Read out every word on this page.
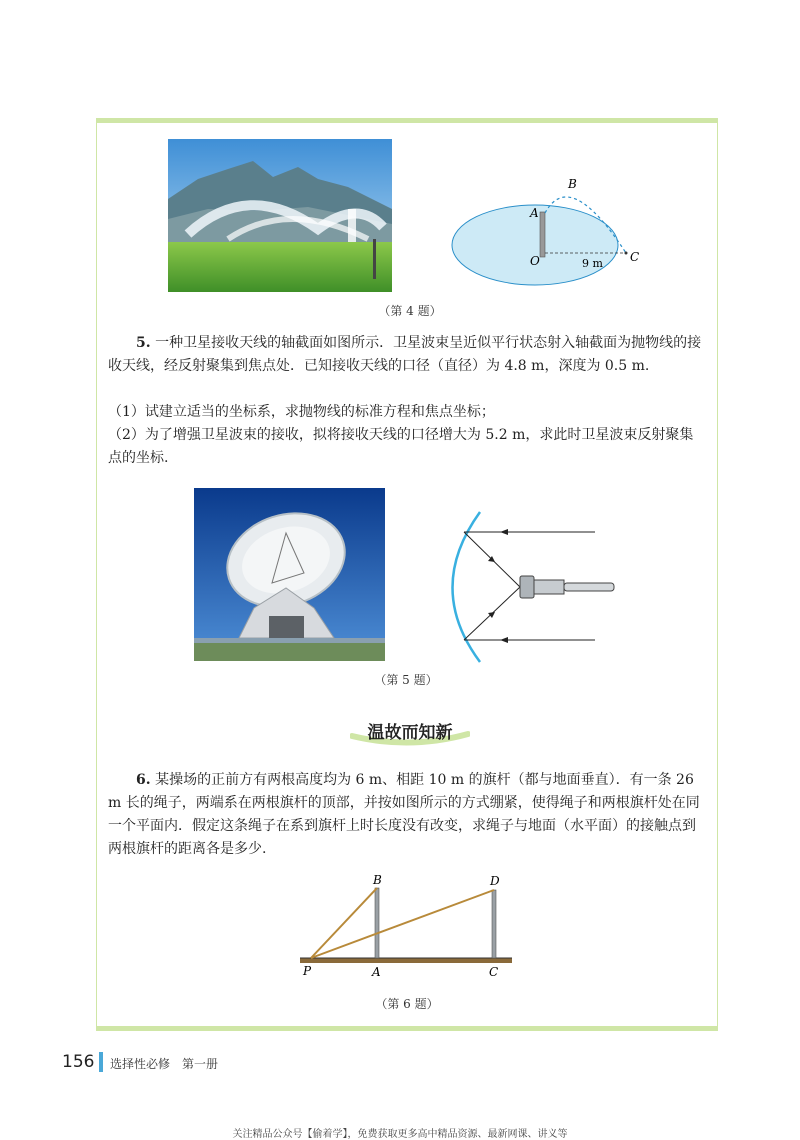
B
A
O	9 m C
（第 4 题）

5. 一种卫星接收天线的轴截面如图所示．卫星波束呈近似平行状态射入轴截面为抛物线的接收天线，经反射聚集到焦点处．已知接收天线的口径（直径）为 4.8 m，深度为 0.5 m.

（1）试建立适当的坐标系，求抛物线的标准方程和焦点坐标；

（2）为了增强卫星波束的接收，拟将接收天线的口径增大为 5.2 m，求此时卫星波束反射聚集点的坐标.

（第 5 题）
温故而知新

6. 某操场的正前方有两根高度均为 6 m、相距 10 m 的旗杆（都与地面垂直）．有一条 26 m 长的绳子，两端系在两根旗杆的顶部，并按如图所示的方式绷紧，使得绳子和两根旗杆处在同一个平面内．假定这条绳子在系到旗杆上时长度没有改变，求绳子与地面（水平面）的接触点到两根旗杆的距离各是多少.

B	D
P	A	C
（第 6 题）
156 选择性必修　第一册
关注精品公众号【偷着学】，免费获取更多高中精品资源、最新网课、讲义等
